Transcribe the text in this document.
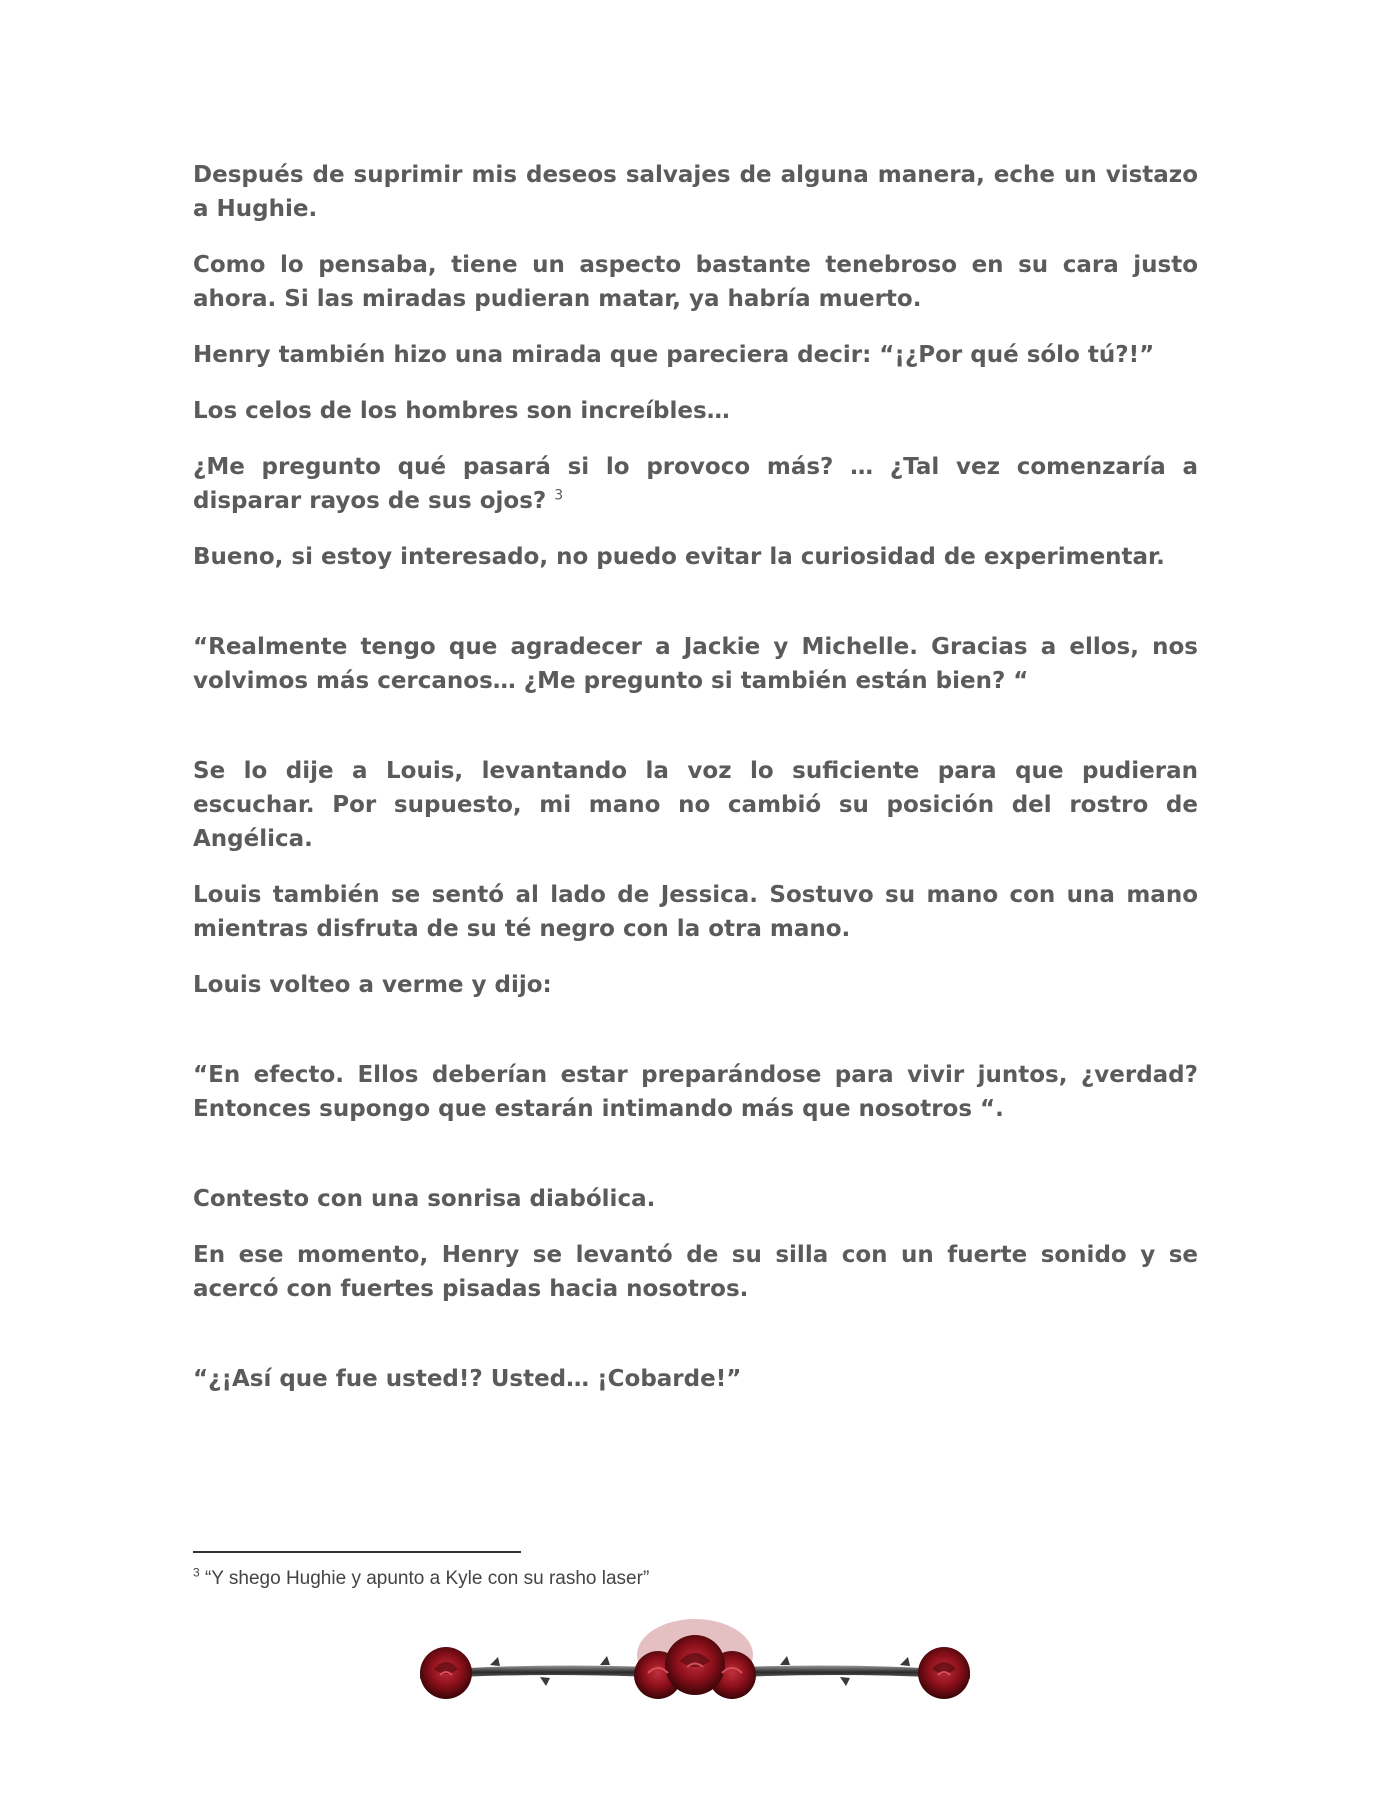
Después de suprimir mis deseos salvajes de alguna manera, eche un vistazo a Hughie.

Como lo pensaba, tiene un aspecto bastante tenebroso en su cara justo ahora. Si las miradas pudieran matar, ya habría muerto.

Henry también hizo una mirada que pareciera decir: “¡¿Por qué sólo tú?!”

Los celos de los hombres son increíbles…

¿Me pregunto qué pasará si lo provoco más? … ¿Tal vez comenzaría a disparar rayos de sus ojos? $^3$

Bueno, si estoy interesado, no puedo evitar la curiosidad de experimentar.

“Realmente tengo que agradecer a Jackie y Michelle. Gracias a ellos, nos volvimos más cercanos… ¿Me pregunto si también están bien? “

Se lo dije a Louis, levantando la voz lo suficiente para que pudieran escuchar. Por supuesto, mi mano no cambió su posición del rostro de Angélica.

Louis también se sentó al lado de Jessica. Sostuvo su mano con una mano mientras disfruta de su té negro con la otra mano.

Louis volteo a verme y dijo:

“En efecto. Ellos deberían estar preparándose para vivir juntos, ¿verdad? Entonces supongo que estarán intimando más que nosotros “.

Contesto con una sonrisa diabólica.

En ese momento, Henry se levantó de su silla con un fuerte sonido y se acercó con fuertes pisadas hacia nosotros.

“¿¡Así que fue usted!? Usted… ¡Cobarde!”

$^3$ “Y shego Hughie y apunto a Kyle con su rasho laser”
